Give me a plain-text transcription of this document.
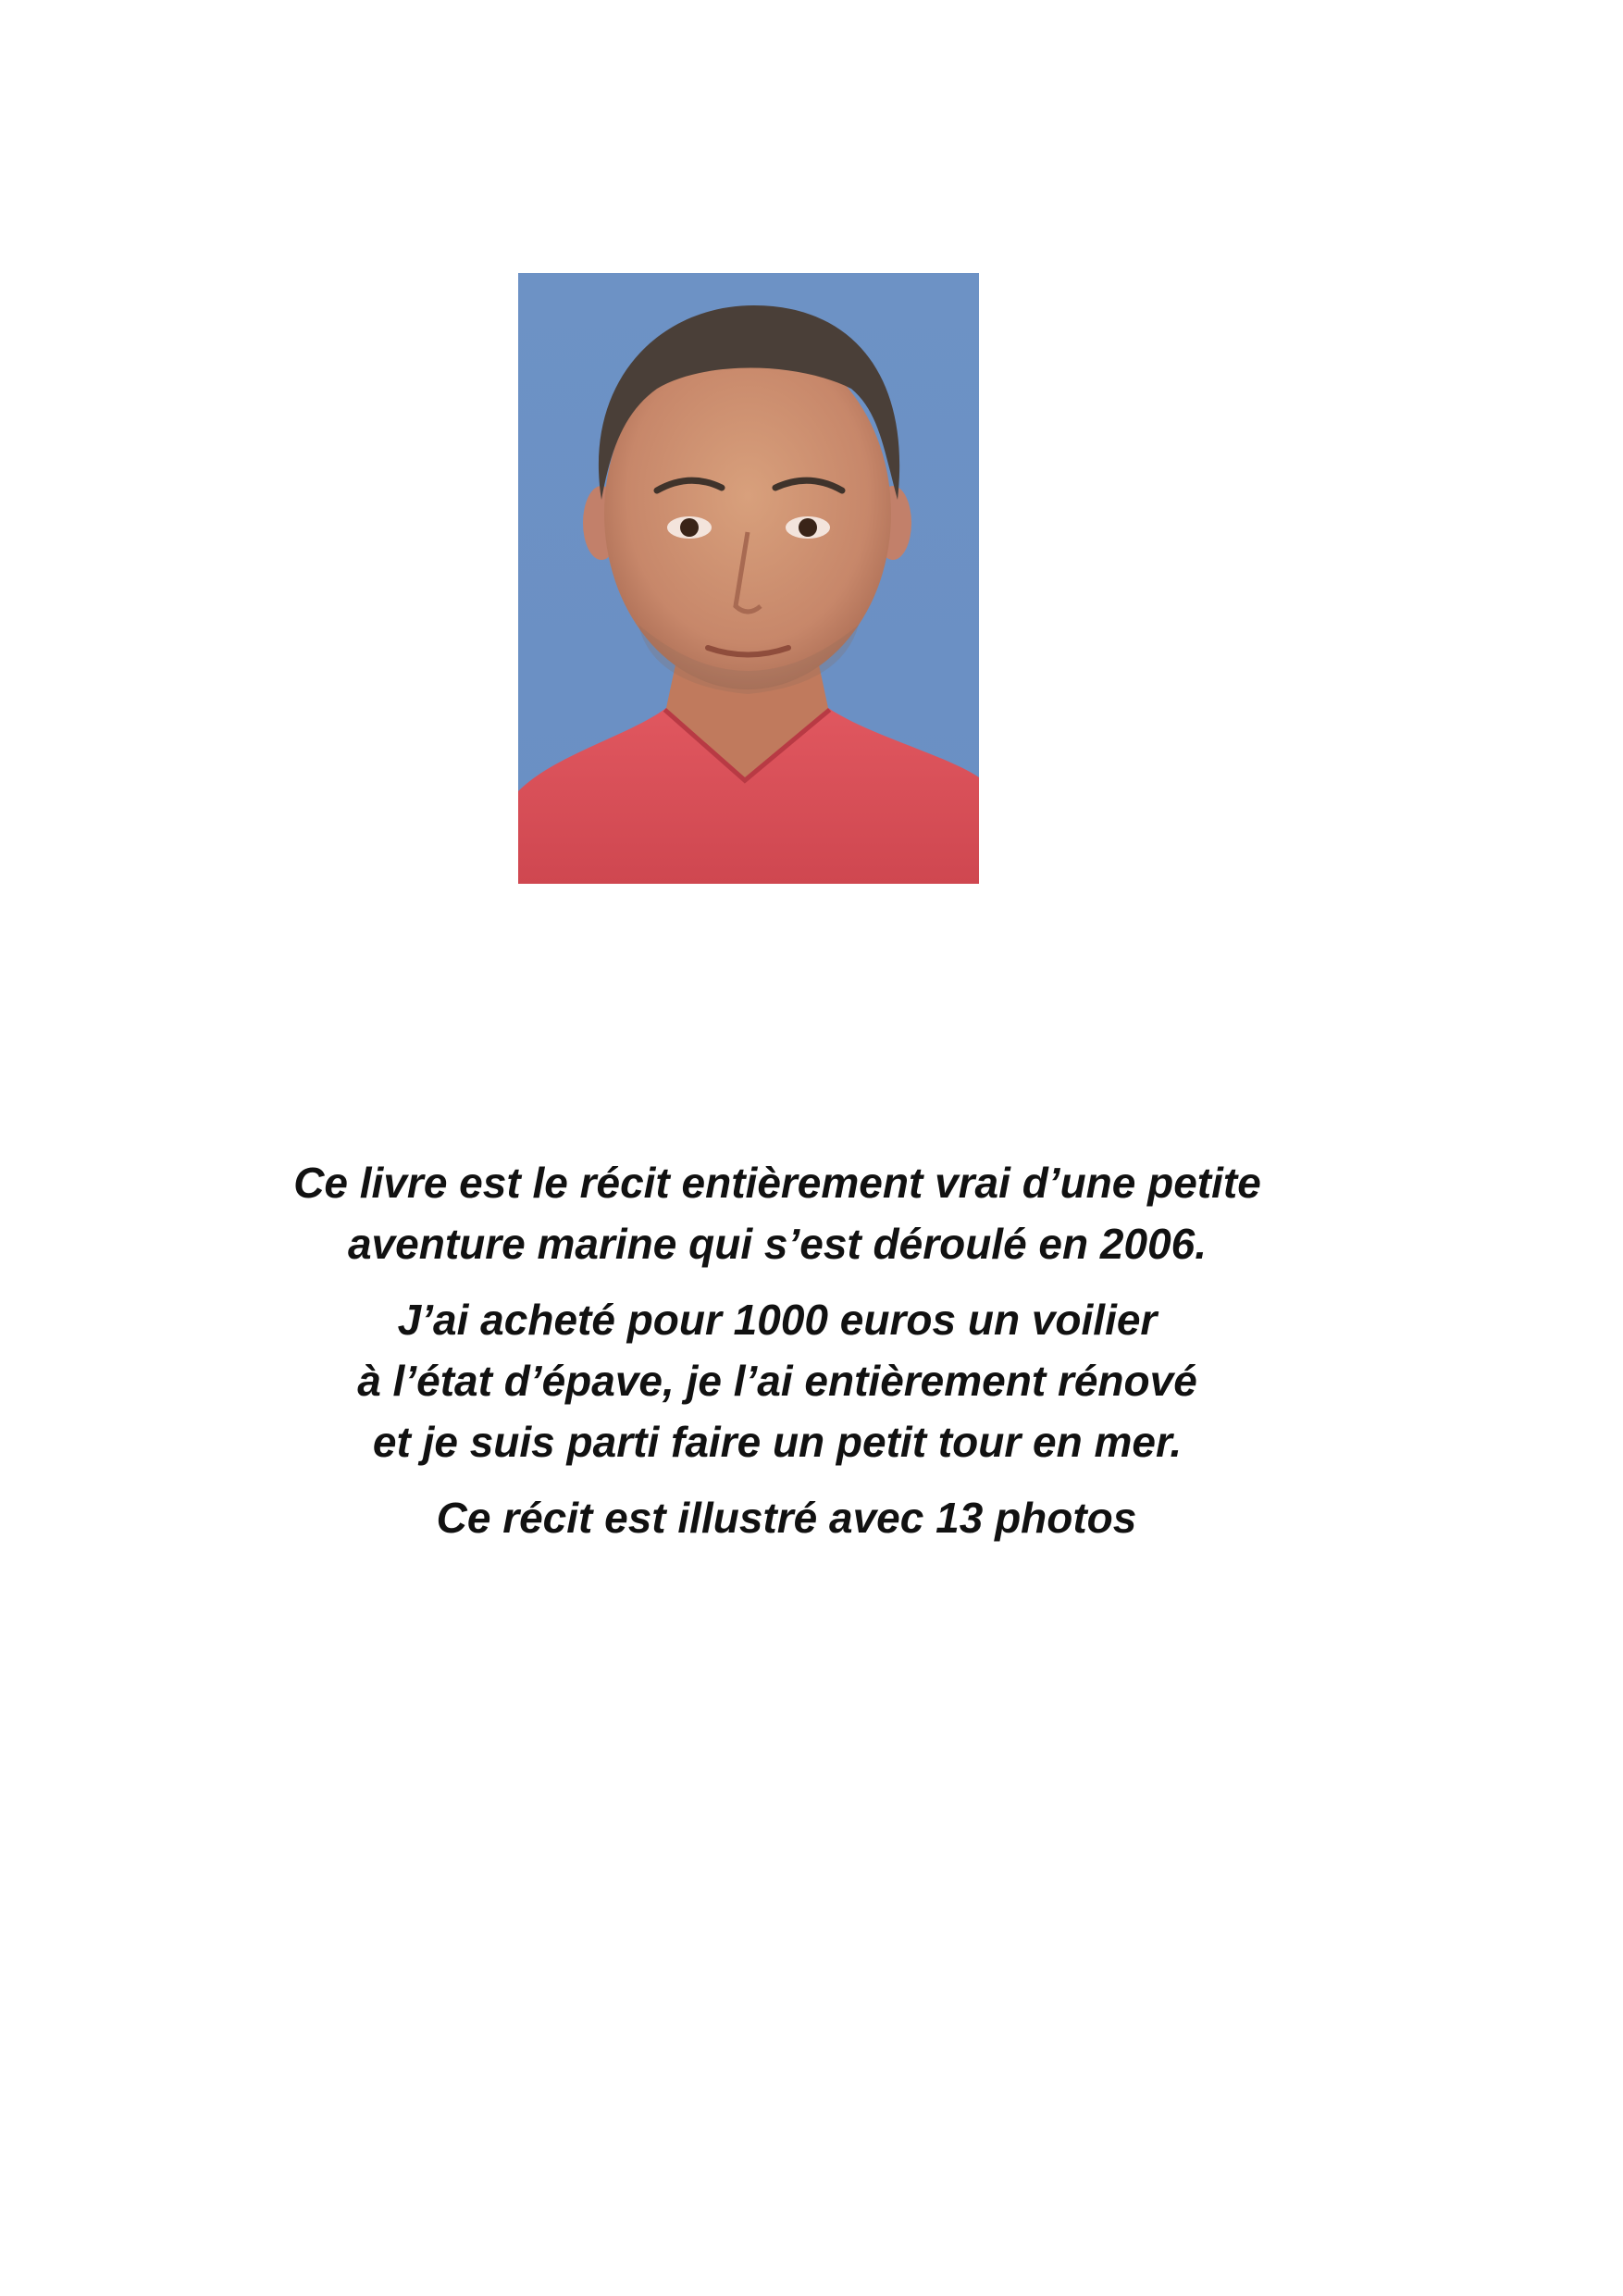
Ce livre est le récit entièrement vrai d’une petite
aventure marine qui s’est déroulé en 2006.

J’ai acheté pour 1000 euros un voilier
à l’état d’épave, je l’ai entièrement rénové
et je suis parti faire un petit tour en mer.

Ce récit est illustré avec 13 photos
